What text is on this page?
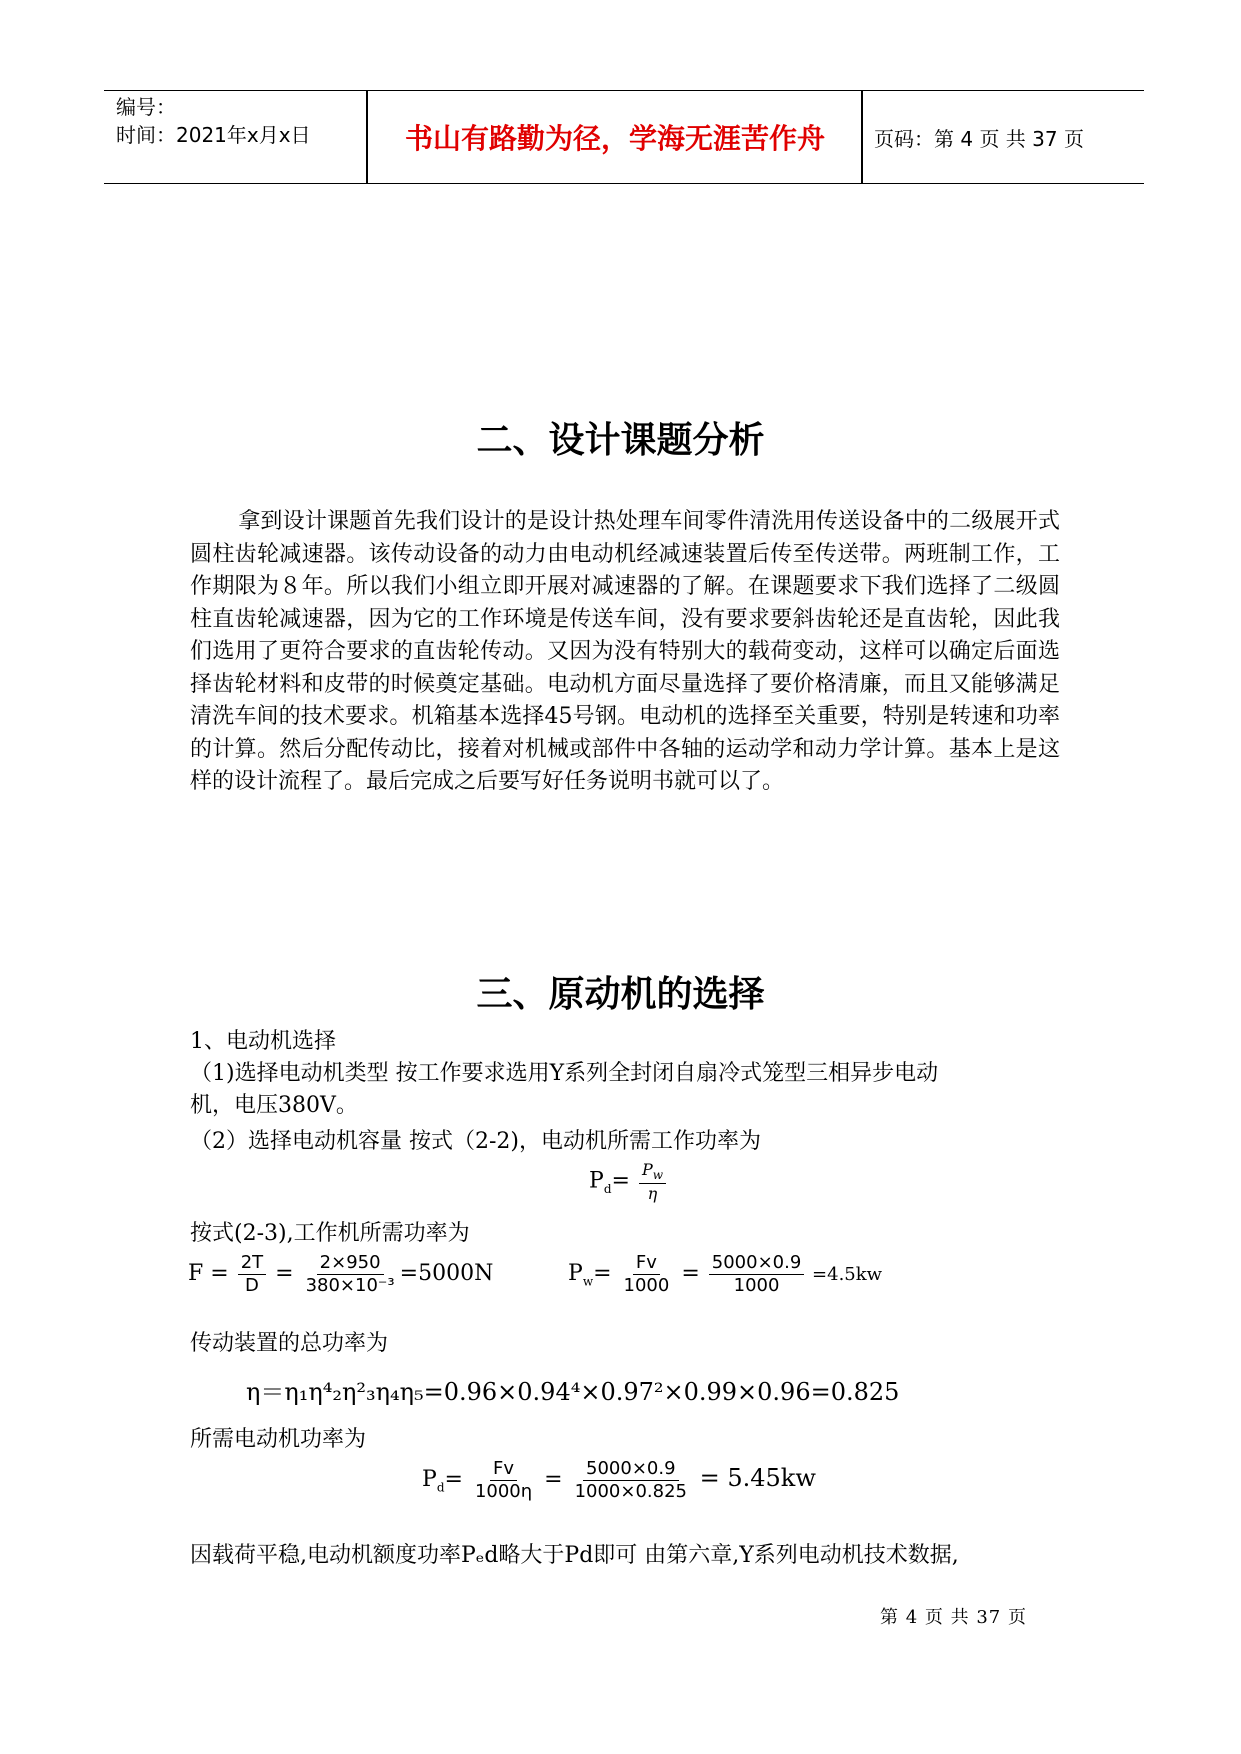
编号：
时间：2021年x月x日	书山有路勤为径，学海无涯苦作舟	页码：第 4 页 共 37 页
二、设计课题分析
拿到设计课题首先我们设计的是设计热处理车间零件清洗用传送设备中的二级展开式圆柱齿轮减速器。该传动设备的动力由电动机经减速装置后传至传送带。两班制工作，工作期限为８年。所以我们小组立即开展对减速器的了解。在课题要求下我们选择了二级圆柱直齿轮减速器，因为它的工作环境是传送车间，没有要求要斜齿轮还是直齿轮，因此我们选用了更符合要求的直齿轮传动。又因为没有特别大的载荷变动，这样可以确定后面选择齿轮材料和皮带的时候奠定基础。电动机方面尽量选择了要价格清廉，而且又能够满足清洗车间的技术要求。机箱基本选择45号钢。电动机的选择至关重要，特别是转速和功率的计算。然后分配传动比，接着对机械或部件中各轴的运动学和动力学计算。基本上是这样的设计流程了。最后完成之后要写好任务说明书就可以了。
三、原动机的选择
1、电动机选择
（1)选择电动机类型 按工作要求选用Y系列全封闭自扇冷式笼型三相异步电动
机，电压380V。
（2）选择电动机容量 按式（2-2)，电动机所需工作功率为
$P_d= \frac{P_w}{\eta}$
按式(2-3),工作机所需功率为
$F = \frac{2T}{D} = \frac{2\times 950}{\text{380×10⁻³}} =5000N$	$P_w= \frac{Fv}{1000} = \frac{5000\times 0.9}{1000} =4.5kw$
传动装置的总功率为
η＝η₁η⁴₂η²₃η₄η₅=0.96×0.94⁴×0.97²×0.99×0.96=0.825
所需电动机功率为
$P_d= \frac{Fv}{1000\eta} = \frac{5000\times 0.9}{1000\times 0.825} = 5.45kw$
因载荷平稳,电动机额度功率Pₑd略大于Pd即可 由第六章,Y系列电动机技术数据,
第 4 页 共 37 页
